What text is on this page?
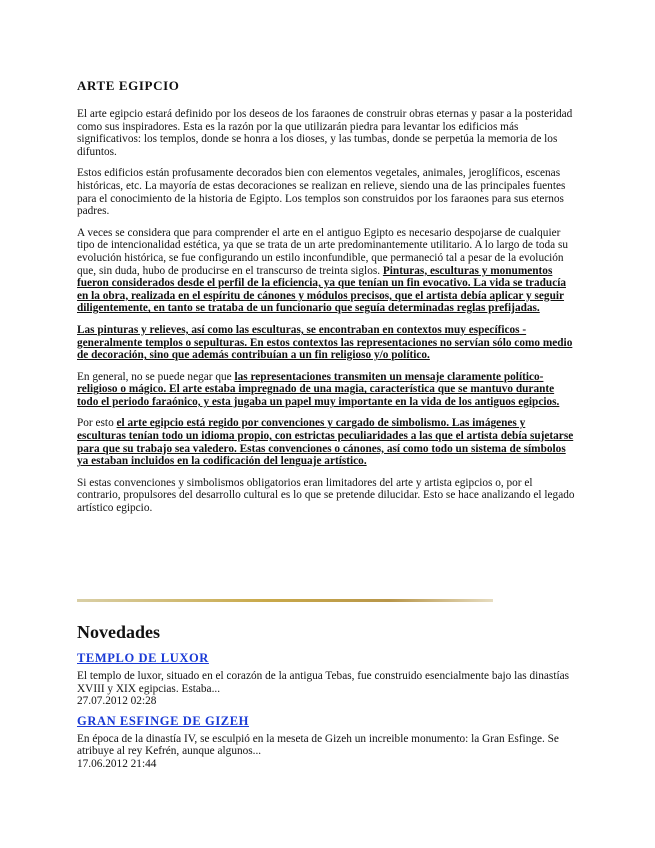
ARTE EGIPCIO

El arte egipcio estará definido por los deseos de los faraones de construir obras eternas y pasar a la posteridad como sus inspiradores. Esta es la razón por la que utilizarán piedra para levantar los edificios más significativos: los templos, donde se honra a los dioses, y las tumbas, donde se perpetúa la memoria de los difuntos.

Estos edificios están profusamente decorados bien con elementos vegetales, animales, jeroglíficos, escenas históricas, etc. La mayoría de estas decoraciones se realizan en relieve, siendo una de las principales fuentes para el conocimiento de la historia de Egipto. Los templos son construidos por los faraones para sus eternos padres.

A veces se considera que para comprender el arte en el antiguo Egipto es necesario despojarse de cualquier tipo de intencionalidad estética, ya que se trata de un arte predominantemente utilitario. A lo largo de toda su evolución histórica, se fue configurando un estilo inconfundible, que permaneció tal a pesar de la evolución que, sin duda, hubo de producirse en el transcurso de treinta siglos. Pinturas, esculturas y monumentos fueron considerados desde el perfil de la eficiencia, ya que tenían un fin evocativo. La vida se traducía en la obra, realizada en el espíritu de cánones y módulos precisos, que el artista debía aplicar y seguir diligentemente, en tanto se trataba de un funcionario que seguía determinadas reglas prefijadas.

Las pinturas y relieves, así como las esculturas, se encontraban en contextos muy específicos -generalmente templos o sepulturas. En estos contextos las representaciones no servían sólo como medio de decoración, sino que además contribuían a un fin religioso y/o político.

En general, no se puede negar que las representaciones transmiten un mensaje claramente político-religioso o mágico. El arte estaba impregnado de una magia, característica que se mantuvo durante todo el periodo faraónico, y esta jugaba un papel muy importante en la vida de los antiguos egipcios.

Por esto el arte egipcio está regido por convenciones y cargado de simbolismo. Las imágenes y esculturas tenían todo un idioma propio, con estrictas peculiaridades a las que el artista debía sujetarse para que su trabajo sea valedero. Estas convenciones o cánones, así como todo un sistema de símbolos ya estaban incluidos en la codificación del lenguaje artístico.

Si estas convenciones y simbolismos obligatorios eran limitadores del arte y artista egipcios o, por el contrario, propulsores del desarrollo cultural es lo que se pretende dilucidar. Esto se hace analizando el legado artístico egipcio.

Novedades
TEMPLO DE LUXOR

El templo de luxor, situado en el corazón de la antigua Tebas, fue construido esencialmente bajo las dinastías XVIII y XIX egipcias. Estaba...

27.07.2012 02:28
GRAN ESFINGE DE GIZEH

En época de la dinastía IV, se esculpió en la meseta de Gizeh un increible monumento: la Gran Esfinge. Se atribuye al rey Kefrén, aunque algunos...

17.06.2012 21:44
